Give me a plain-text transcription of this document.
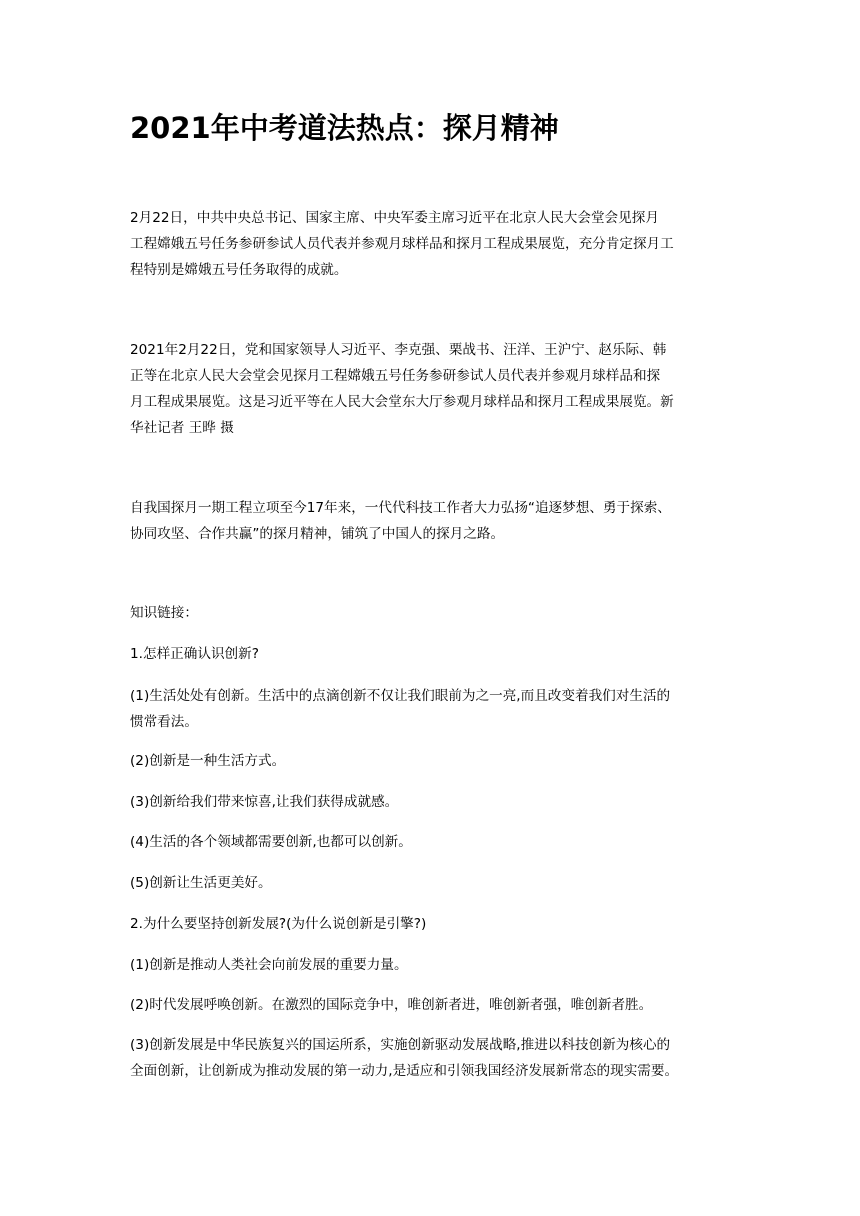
2021年中考道法热点：探月精神

2月22日，中共中央总书记、国家主席、中央军委主席习近平在北京人民大会堂会见探月
工程嫦娥五号任务参研参试人员代表并参观月球样品和探月工程成果展览，充分肯定探月工
程特别是嫦娥五号任务取得的成就。

2021年2月22日，党和国家领导人习近平、李克强、栗战书、汪洋、王沪宁、赵乐际、韩
正等在北京人民大会堂会见探月工程嫦娥五号任务参研参试人员代表并参观月球样品和探
月工程成果展览。这是习近平等在人民大会堂东大厅参观月球样品和探月工程成果展览。新
华社记者 王晔 摄

自我国探月一期工程立项至今17年来，一代代科技工作者大力弘扬“追逐梦想、勇于探索、
协同攻坚、合作共赢”的探月精神，铺筑了中国人的探月之路。

知识链接：

1.怎样正确认识创新?

(1)生活处处有创新。生活中的点滴创新不仅让我们眼前为之一亮,而且改变着我们对生活的
惯常看法。

(2)创新是一种生活方式。

(3)创新给我们带来惊喜,让我们获得成就感。

(4)生活的各个领域都需要创新,也都可以创新。

(5)创新让生活更美好。

2.为什么要坚持创新发展?(为什么说创新是引擎?)

(1)创新是推动人类社会向前发展的重要力量。

(2)时代发展呼唤创新。在激烈的国际竞争中，唯创新者进，唯创新者强，唯创新者胜。

(3)创新发展是中华民族复兴的国运所系，实施创新驱动发展战略,推进以科技创新为核心的
全面创新，让创新成为推动发展的第一动力,是适应和引领我国经济发展新常态的现实需要。
